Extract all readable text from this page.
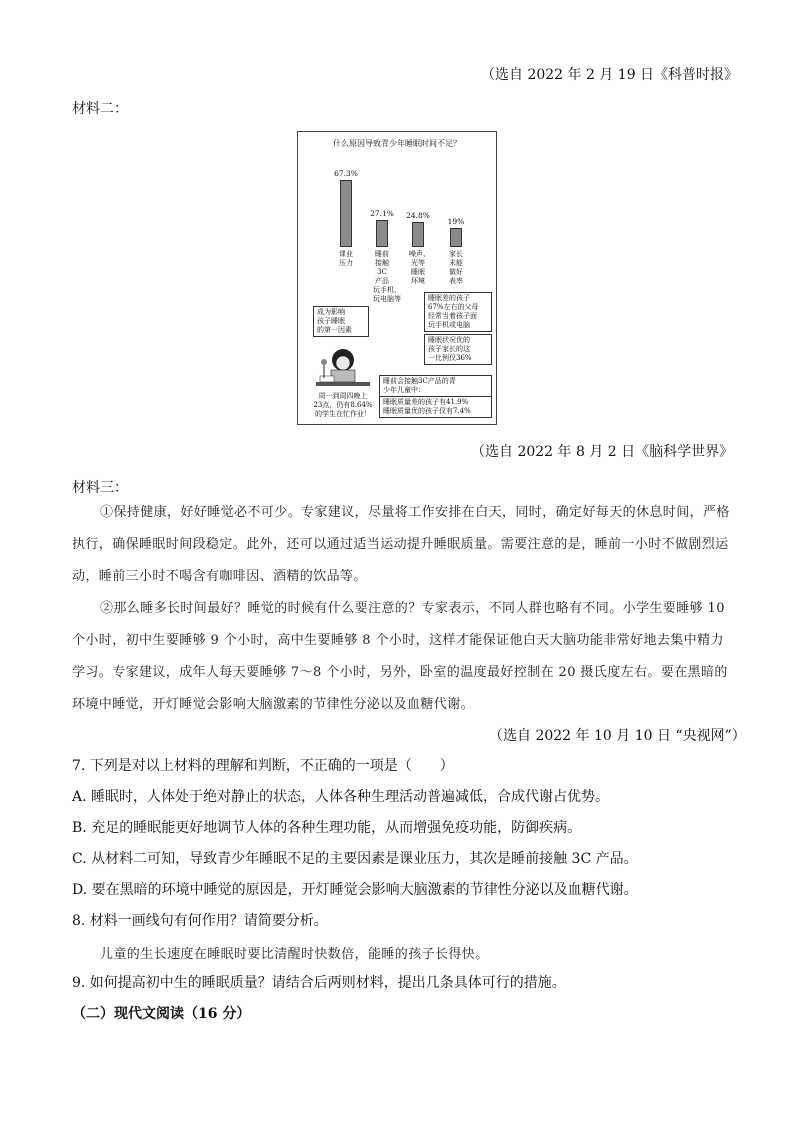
（选自 2022 年 2 月 19 日《科普时报》
材料二：
什么原因导致青少年睡眠时间不足？
67.3%
课业
压力
27.1%
睡前
接触
3C
产品
玩手机、
玩电脑等
24.8%
噪声、
光等
睡眠
环境
19%
家长
未能
做好
表率
成为影响
孩子睡眠
的第一因素
睡眠差的孩子
67%左右的父母
经常当着孩子面
玩手机或电脑
睡眠状况优的
孩子家长的这
一比例仅36%
周一到周四晚上
23点，仍有8.64%
的学生在忙作业！
睡前会接触3C产品的青
少年儿童中：
睡眠质量差的孩子有41.9%
睡眠质量优的孩子仅有7.4%
（选自 2022 年 8 月 2 日《脑科学世界》
材料三：
①保持健康，好好睡觉必不可少。专家建议，尽量将工作安排在白天，同时，确定好每天的休息时间，严格执行，确保睡眠时间段稳定。此外，还可以通过适当运动提升睡眠质量。需要注意的是，睡前一小时不做剧烈运动，睡前三小时不喝含有咖啡因、酒精的饮品等。
②那么睡多长时间最好？睡觉的时候有什么要注意的？专家表示，不同人群也略有不同。小学生要睡够 10 个小时，初中生要睡够 9 个小时，高中生要睡够 8 个小时，这样才能保证他白天大脑功能非常好地去集中精力学习。专家建议，成年人每天要睡够 7～8 个小时，另外，卧室的温度最好控制在 20 摄氏度左右。要在黑暗的环境中睡觉，开灯睡觉会影响大脑激素的节律性分泌以及血糖代谢。
（选自 2022 年 10 月 10 日 “央视网”）
7. 下列是对以上材料的理解和判断，不正确的一项是（　　）
A. 睡眠时，人体处于绝对静止的状态，人体各种生理活动普遍减低，合成代谢占优势。
B. 充足的睡眠能更好地调节人体的各种生理功能，从而增强免疫功能，防御疾病。
C. 从材料二可知，导致青少年睡眠不足的主要因素是课业压力，其次是睡前接触 3C 产品。
D. 要在黑暗的环境中睡觉的原因是，开灯睡觉会影响大脑激素的节律性分泌以及血糖代谢。
8. 材料一画线句有何作用？请简要分析。
儿童的生长速度在睡眠时要比清醒时快数倍，能睡的孩子长得快。
9. 如何提高初中生的睡眠质量？请结合后两则材料，提出几条具体可行的措施。
（二）现代文阅读（16 分）
